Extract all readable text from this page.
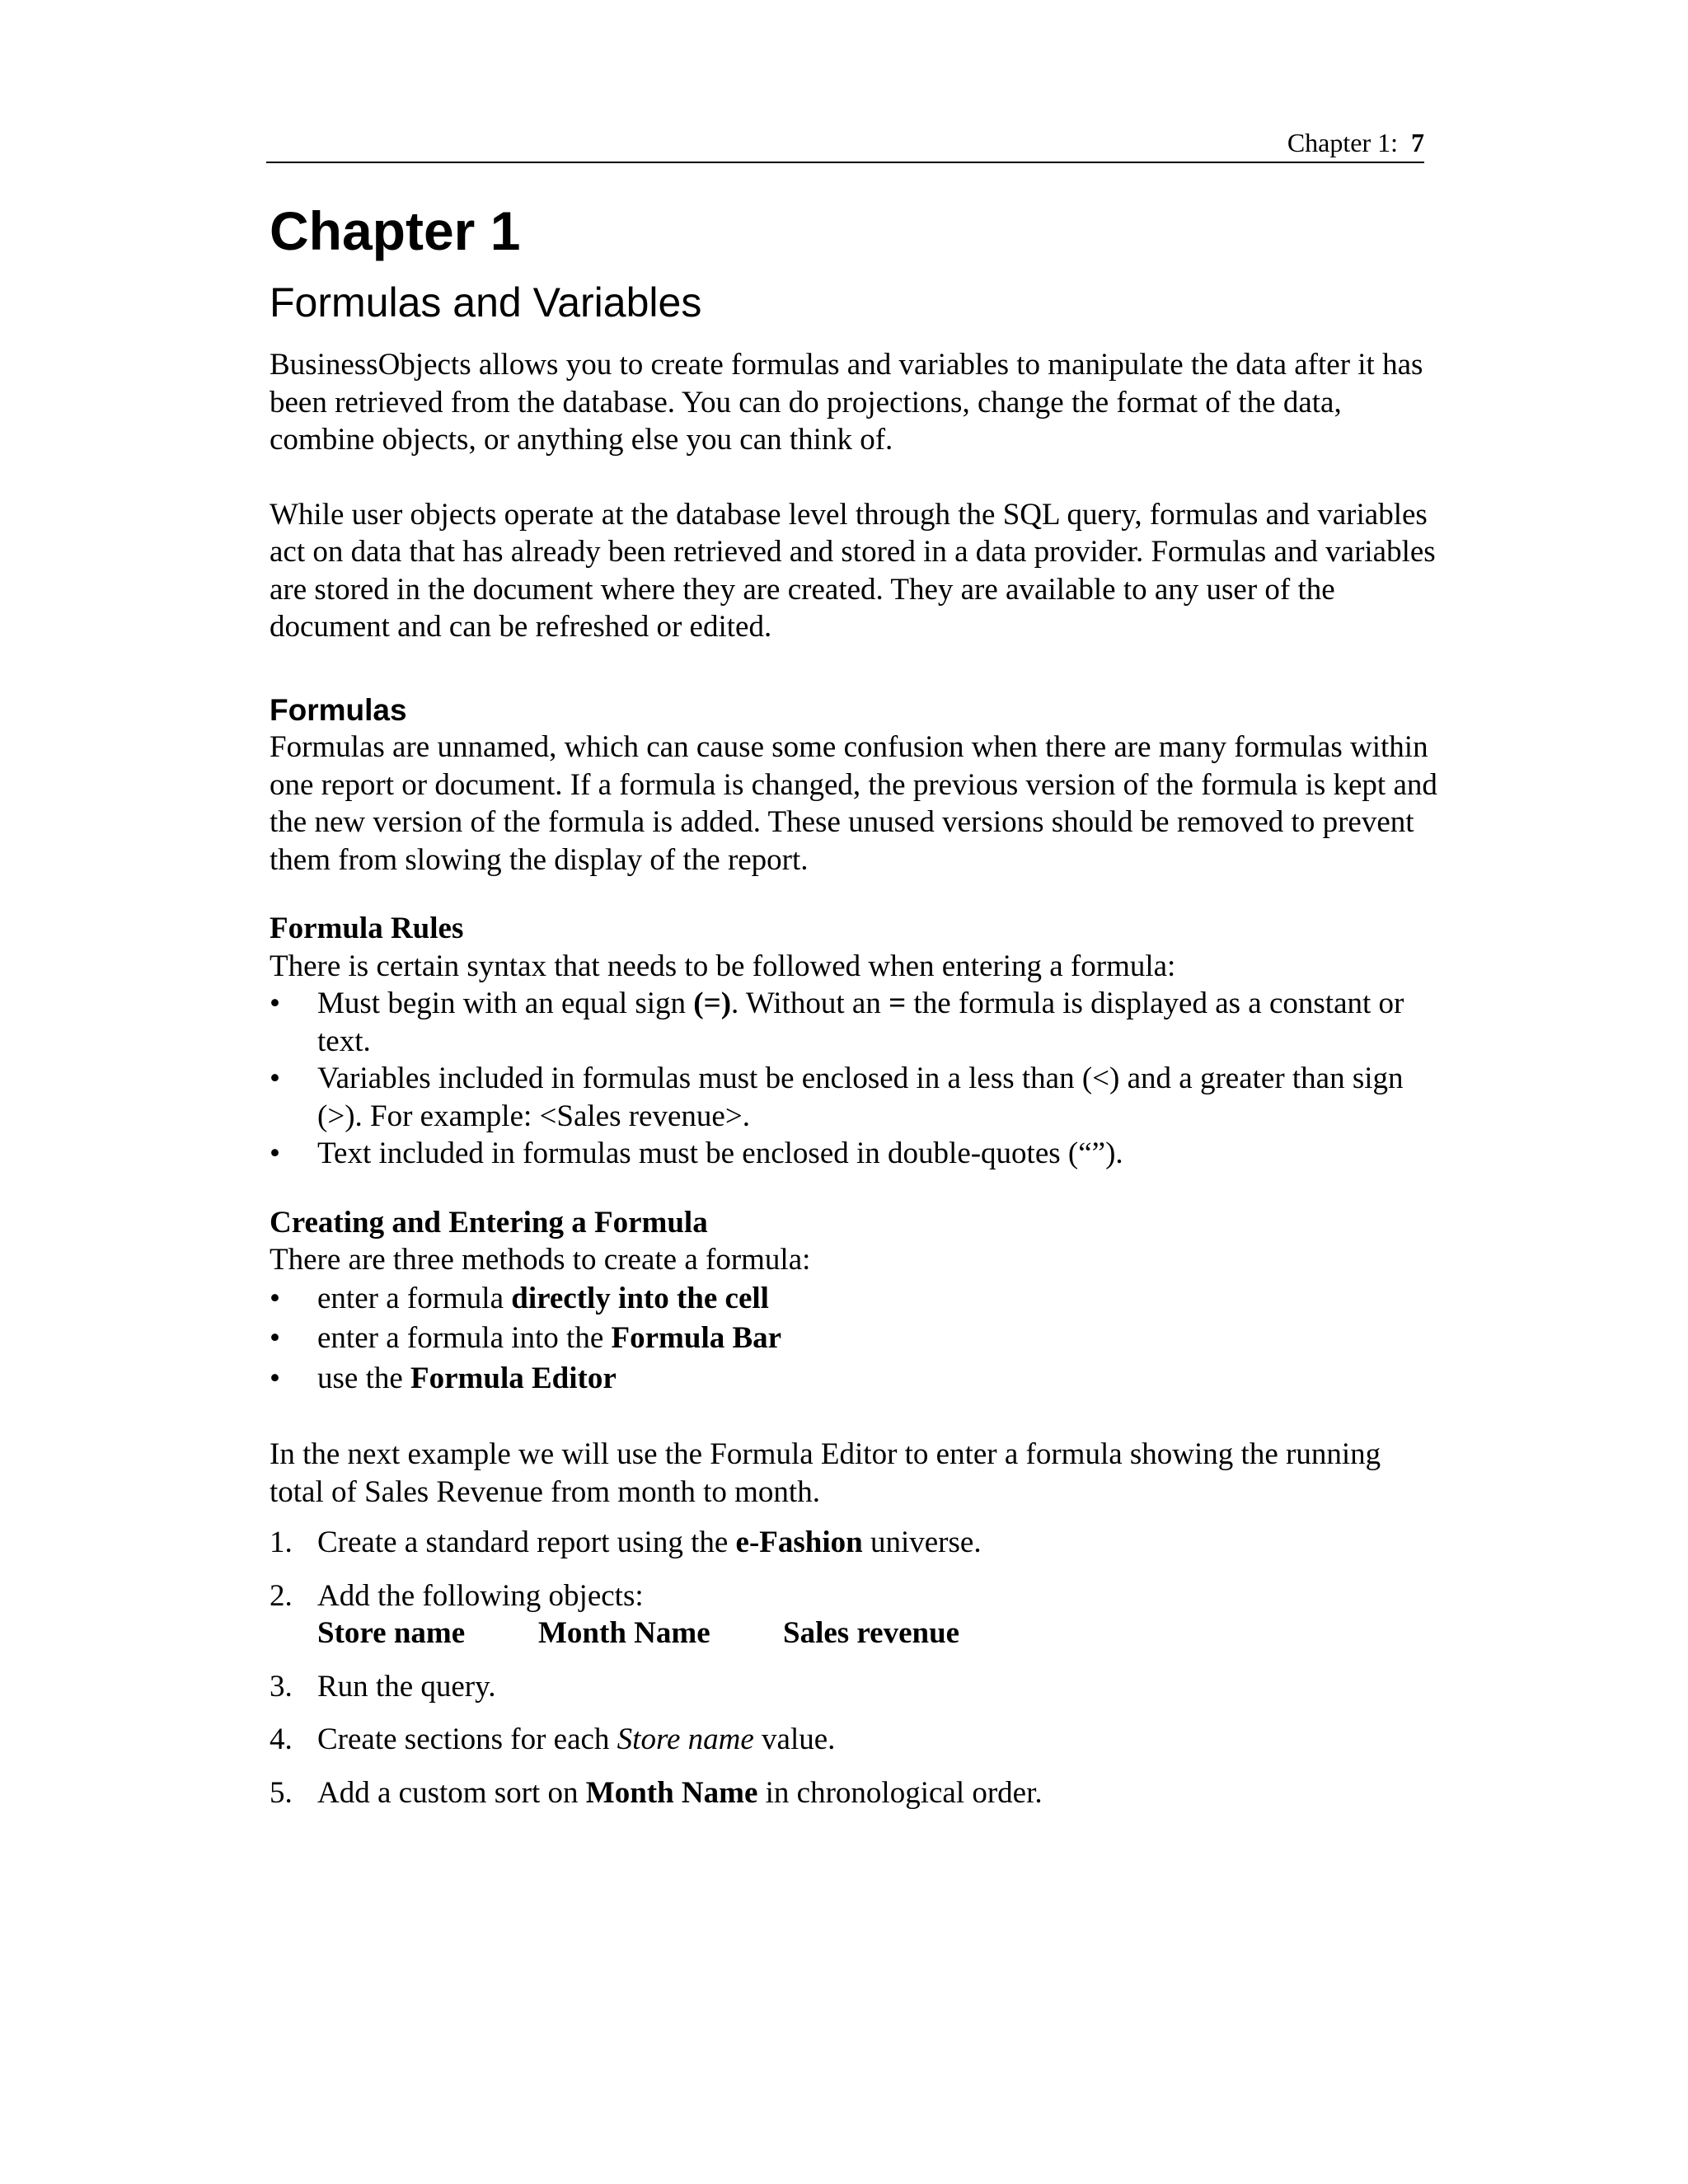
Chapter 1: 7
Chapter 1
Formulas and Variables

BusinessObjects allows you to create formulas and variables to manipulate the data after it has been retrieved from the database. You can do projections, change the format of the data, combine objects, or anything else you can think of.

While user objects operate at the database level through the SQL query, formulas and variables act on data that has already been retrieved and stored in a data provider. Formulas and variables are stored in the document where they are created. They are available to any user of the document and can be refreshed or edited.

Formulas

Formulas are unnamed, which can cause some confusion when there are many formulas within one report or document. If a formula is changed, the previous version of the formula is kept and the new version of the formula is added. These unused versions should be removed to prevent them from slowing the display of the report.

Formula Rules

There is certain syntax that needs to be followed when entering a formula:

• Must begin with an equal sign (=). Without an = the formula is displayed as a constant or text.
• Variables included in formulas must be enclosed in a less than (<) and a greater than sign (>). For example: <Sales revenue>.
• Text included in formulas must be enclosed in double-quotes (“”).
Creating and Entering a Formula

There are three methods to create a formula:

• enter a formula directly into the cell
• enter a formula into the Formula Bar
• use the Formula Editor

In the next example we will use the Formula Editor to enter a formula showing the running total of Sales Revenue from month to month.

1. Create a standard report using the e-Fashion universe.
2. Add the following objects:
Store name Month Name Sales revenue
3. Run the query.
4. Create sections for each Store name value.
5. Add a custom sort on Month Name in chronological order.
